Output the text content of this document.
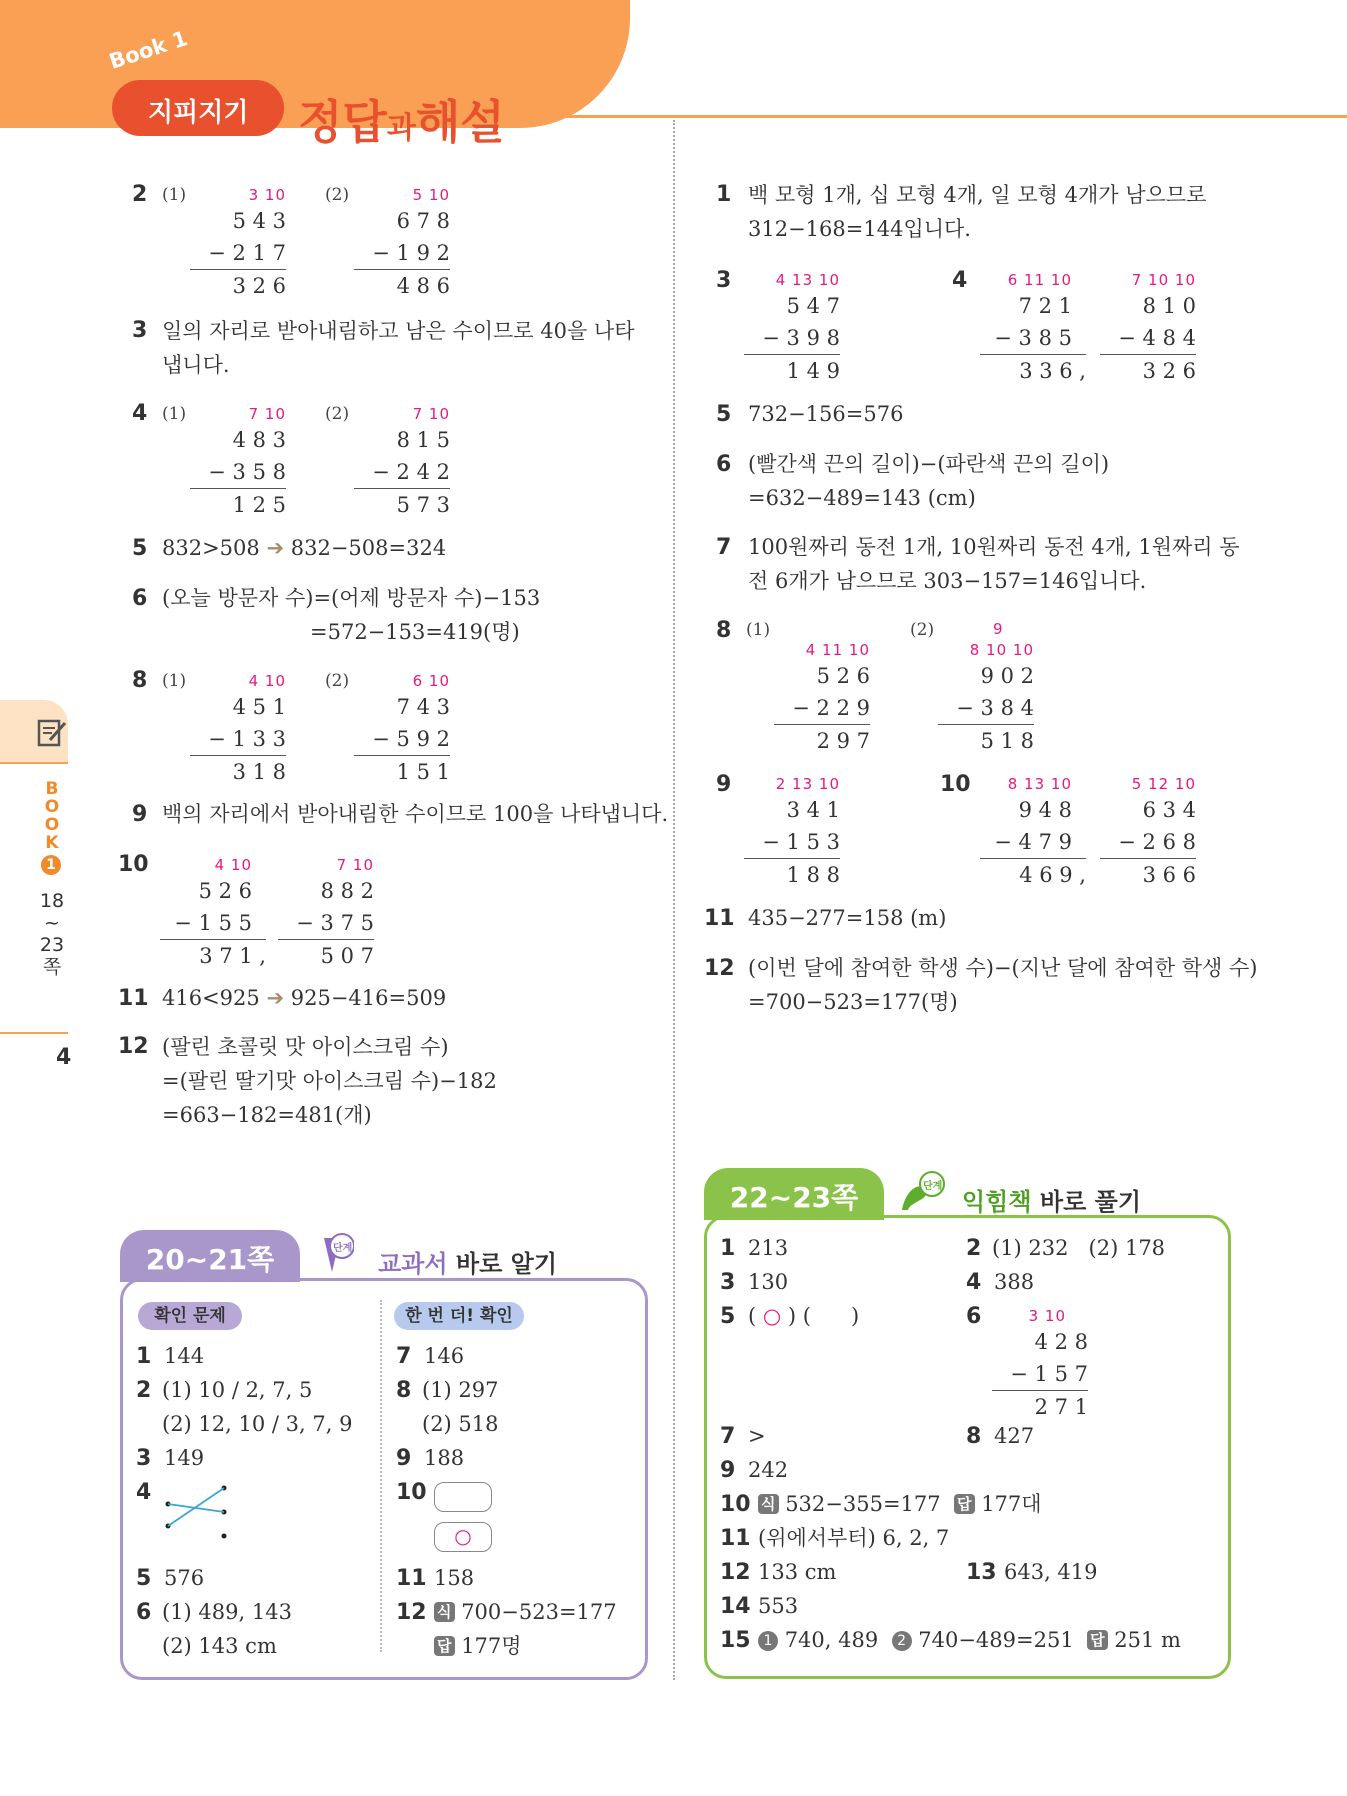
Book 1
지피지기 정답과해설
BOOK
1
18
~
23
쪽
4
2 (1)	3 10
5 4 3
− 2 1 7
3 2 6
(2)	5 10
6 7 8
− 1 9 2
4 8 6
3 일의 자리로 받아내림하고 남은 수이므로 40을 나타
냅니다.
4 (1)	7 10
4 8 3
− 3 5 8
1 2 5
(2)	7 10
8 1 5
− 2 4 2
5 7 3
5 832>508 ➔ 832−508=324
6 (오늘 방문자 수)=(어제 방문자 수)−153
=572−153=419(명)
8 (1)	4 10
4 5 1
− 1 3 3
3 1 8
(2)	6 10
7 4 3
− 5 9 2
1 5 1
9 백의 자리에서 받아내림한 수이므로 100을 나타냅니다.
10	4 10
5 2 6
− 1 5 5
3 7 1 ,
7 10
8 8 2
− 3 7 5
5 0 7
11 416<925 ➔ 925−416=509
12 (팔린 초콜릿 맛 아이스크림 수)
=(팔린 딸기맛 아이스크림 수)−182
=663−182=481(개)
1 백 모형 1개, 십 모형 4개, 일 모형 4개가 남으므로
312−168=144입니다.
3	4 13 10
5 4 7
− 3 9 8
1 4 9
4	6 11 10
7 2 1
− 3 8 5
3 3 6 ,
7 10 10
8 1 0
− 4 8 4
3 2 6
5 732−156=576
6 (빨간색 끈의 길이)−(파란색 끈의 길이)
=632−489=143 (cm)
7 100원짜리 동전 1개, 10원짜리 동전 4개, 1원짜리 동
전 6개가 남으므로 303−157=146입니다.
8 (1)
4 11 10
5 2 6
− 2 2 9
2 9 7
(2)	9
8 10 10
9 0 2
− 3 8 4
5 1 8
9	2 13 10
3 4 1
− 1 5 3
1 8 8
10	8 13 10
9 4 8
− 4 7 9
4 6 9 ,
5 12 10
6 3 4
− 2 6 8
3 6 6
11 435−277=158 (m)
12 (이번 달에 참여한 학생 수)−(지난 달에 참여한 학생 수)
=700−523=177(명)
20~21쪽	단계
교과서 바로 알기
확인 문제	한 번 더! 확인
1 144
2 (1) 10 / 2, 7, 5
(2) 12, 10 / 3, 7, 9
3 149
4
5 576
6 (1) 489, 143
(2) 143 cm
7 146
8 (1) 297
(2) 518
9 188
10
○
11 158
12 식 700−523=177
답 177명
22~23쪽	단계
익힘책 바로 풀기
1 213
3 130
5 ( ○ ) (      )
7 >
9 242
10 식 532−355=177 답 177대
11 (위에서부터) 6, 2, 7
12 133 cm
14 553
15 1 740, 489 2 740−489=251 답 251 m
2 (1) 232   (2) 178
4 388
6	3 10
4 2 8
− 1 5 7
2 7 1
8 427
13 643, 419
